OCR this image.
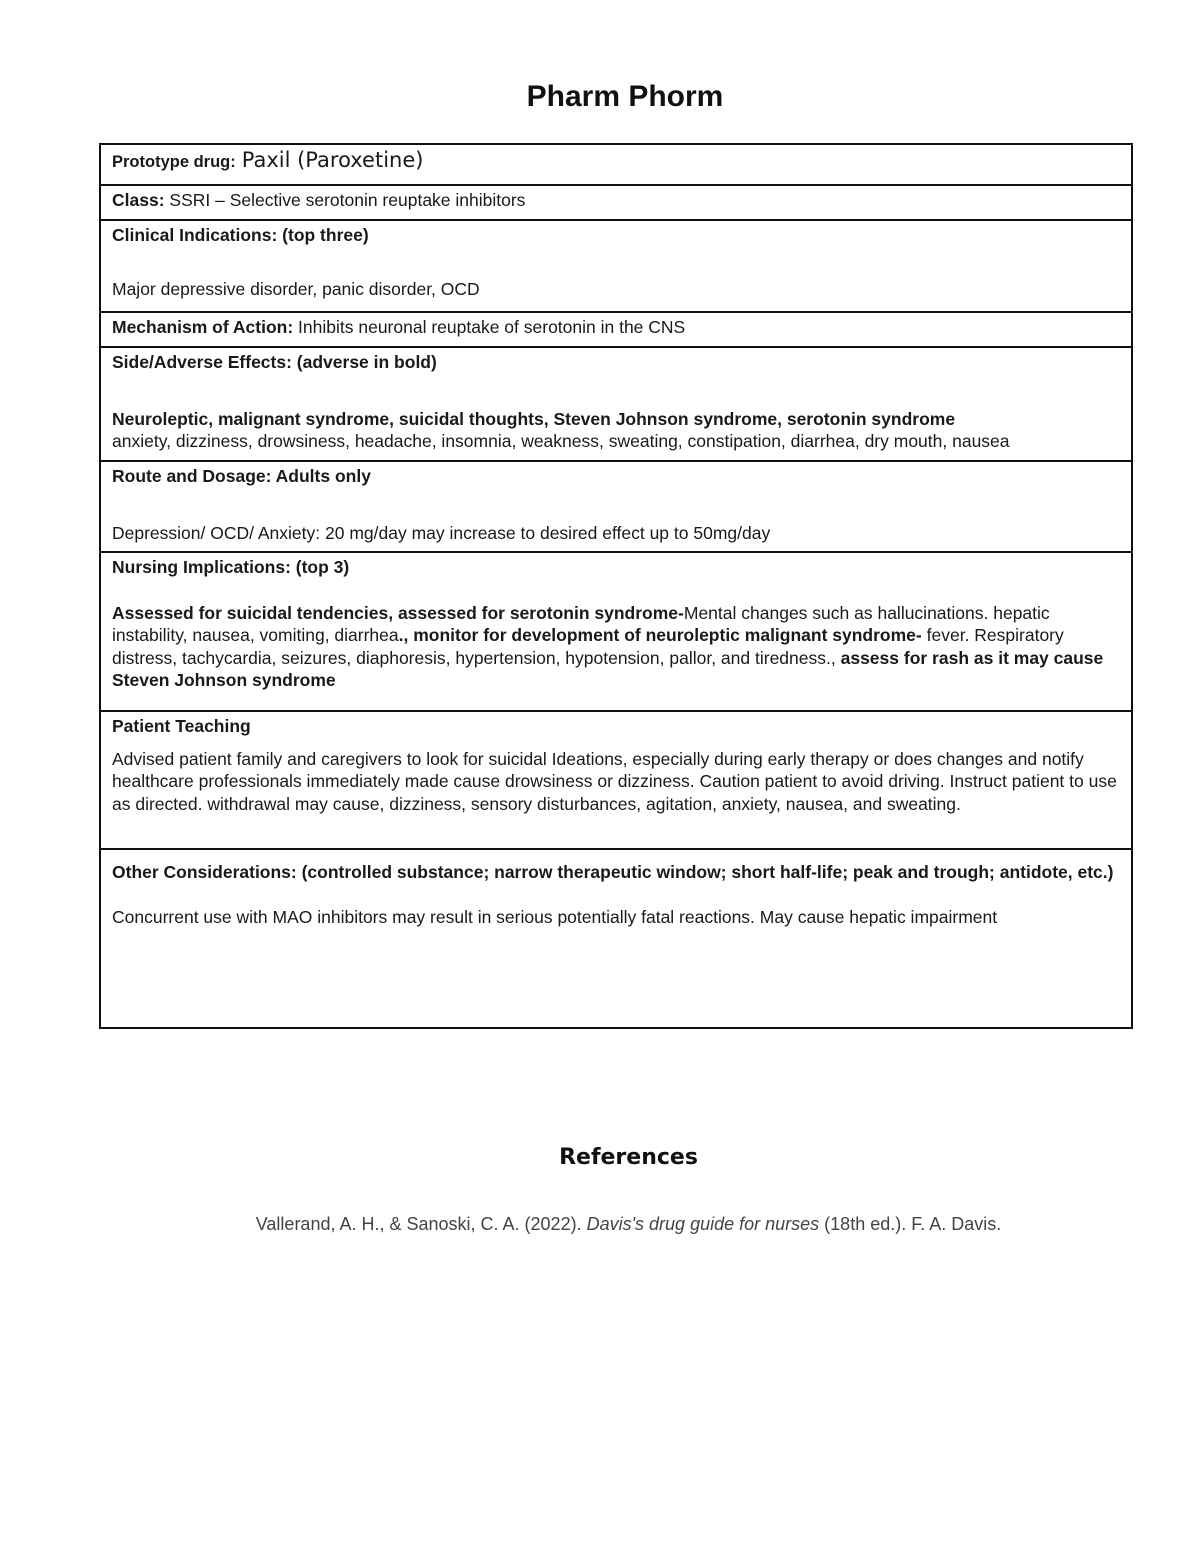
Pharm Phorm
Prototype drug: Paxil (Paroxetine)
Class: SSRI – Selective serotonin reuptake inhibitors
Clinical Indications: (top three)
Major depressive disorder, panic disorder, OCD
Mechanism of Action: Inhibits neuronal reuptake of serotonin in the CNS
Side/Adverse Effects: (adverse in bold)
Neuroleptic, malignant syndrome, suicidal thoughts, Steven Johnson syndrome, serotonin syndrome
anxiety, dizziness, drowsiness, headache, insomnia, weakness, sweating, constipation, diarrhea, dry mouth, nausea
Route and Dosage: Adults only
Depression/ OCD/ Anxiety: 20 mg/day may increase to desired effect up to 50mg/day
Nursing Implications: (top 3)
Assessed for suicidal tendencies, assessed for serotonin syndrome-Mental changes such as hallucinations. hepatic instability, nausea, vomiting, diarrhea., monitor for development of neuroleptic malignant syndrome- fever. Respiratory distress, tachycardia, seizures, diaphoresis, hypertension, hypotension, pallor, and tiredness., assess for rash as it may cause Steven Johnson syndrome
Patient Teaching
Advised patient family and caregivers to look for suicidal Ideations, especially during early therapy or does changes and notify healthcare professionals immediately made cause drowsiness or dizziness. Caution patient to avoid driving. Instruct patient to use as directed. withdrawal may cause, dizziness, sensory disturbances, agitation, anxiety, nausea, and sweating.
Other Considerations: (controlled substance; narrow therapeutic window; short half-life; peak and trough; antidote, etc.) Concurrent use with MAO inhibitors may result in serious potentially fatal reactions. May cause hepatic impairment
References
Vallerand, A. H., & Sanoski, C. A. (2022). Davis's drug guide for nurses (18th ed.). F. A. Davis.
